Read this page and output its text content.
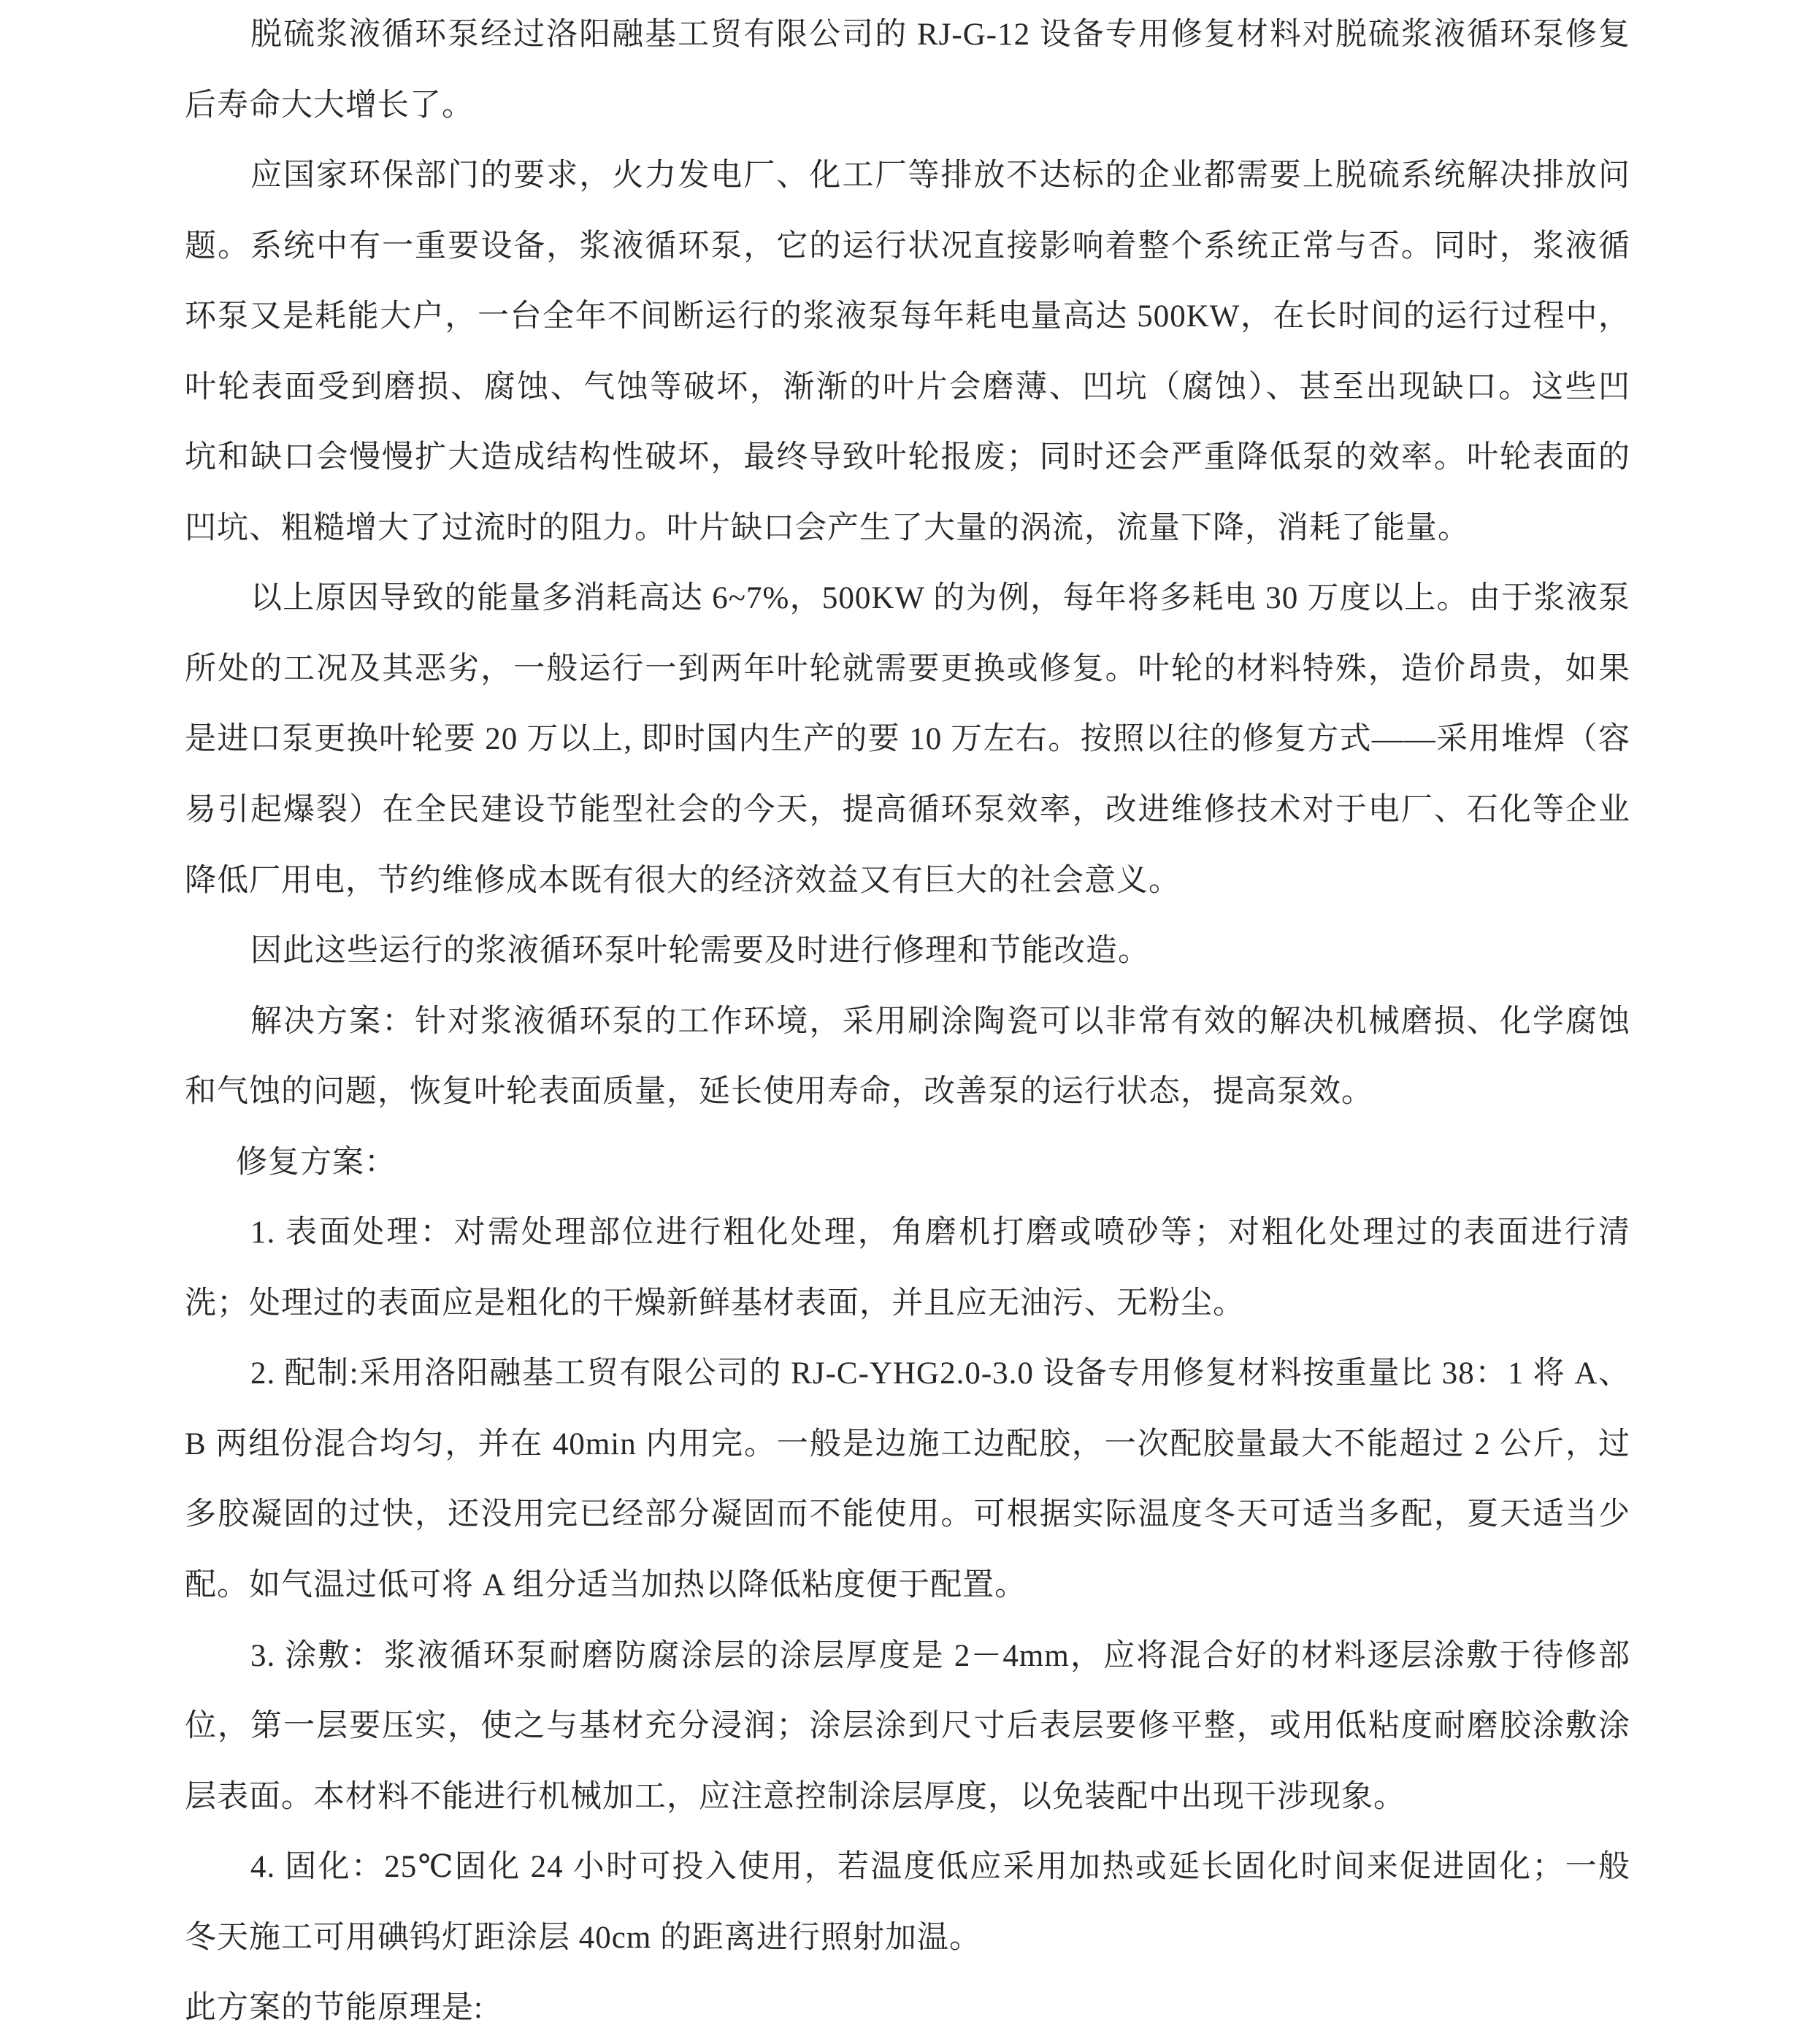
脱硫浆液循环泵经过洛阳融基工贸有限公司的 RJ-G-12 设备专用修复材料对脱硫浆液循环泵修复
后寿命大大增长了。
应国家环保部门的要求，火力发电厂、化工厂等排放不达标的企业都需要上脱硫系统解决排放问
题。系统中有一重要设备，浆液循环泵，它的运行状况直接影响着整个系统正常与否。同时，浆液循
环泵又是耗能大户，一台全年不间断运行的浆液泵每年耗电量高达 500KW，在长时间的运行过程中，
叶轮表面受到磨损、腐蚀、气蚀等破坏，渐渐的叶片会磨薄、凹坑（腐蚀）、甚至出现缺口。这些凹
坑和缺口会慢慢扩大造成结构性破坏，最终导致叶轮报废；同时还会严重降低泵的效率。叶轮表面的
凹坑、粗糙增大了过流时的阻力。叶片缺口会产生了大量的涡流，流量下降，消耗了能量。
以上原因导致的能量多消耗高达 6~7%，500KW 的为例，每年将多耗电 30 万度以上。由于浆液泵
所处的工况及其恶劣，一般运行一到两年叶轮就需要更换或修复。叶轮的材料特殊，造价昂贵，如果
是进口泵更换叶轮要 20 万以上, 即时国内生产的要 10 万左右。按照以往的修复方式——采用堆焊（容
易引起爆裂）在全民建设节能型社会的今天，提高循环泵效率，改进维修技术对于电厂、石化等企业
降低厂用电，节约维修成本既有很大的经济效益又有巨大的社会意义。
因此这些运行的浆液循环泵叶轮需要及时进行修理和节能改造。
解决方案：针对浆液循环泵的工作环境，采用刷涂陶瓷可以非常有效的解决机械磨损、化学腐蚀
和气蚀的问题，恢复叶轮表面质量，延长使用寿命，改善泵的运行状态，提高泵效。
修复方案：
1. 表面处理：对需处理部位进行粗化处理，角磨机打磨或喷砂等；对粗化处理过的表面进行清
洗；处理过的表面应是粗化的干燥新鲜基材表面，并且应无油污、无粉尘。
2. 配制:采用洛阳融基工贸有限公司的 RJ-C-YHG2.0-3.0 设备专用修复材料按重量比 38：1 将 A、
B 两组份混合均匀，并在 40min 内用完。一般是边施工边配胶，一次配胶量最大不能超过 2 公斤，过
多胶凝固的过快，还没用完已经部分凝固而不能使用。可根据实际温度冬天可适当多配，夏天适当少
配。如气温过低可将 A 组分适当加热以降低粘度便于配置。
3. 涂敷：浆液循环泵耐磨防腐涂层的涂层厚度是 2－4mm，应将混合好的材料逐层涂敷于待修部
位，第一层要压实，使之与基材充分浸润；涂层涂到尺寸后表层要修平整，或用低粘度耐磨胶涂敷涂
层表面。本材料不能进行机械加工，应注意控制涂层厚度，以免装配中出现干涉现象。
4. 固化：25℃固化 24 小时可投入使用，若温度低应采用加热或延长固化时间来促进固化；一般
冬天施工可用碘钨灯距涂层 40cm 的距离进行照射加温。
此方案的节能原理是:
